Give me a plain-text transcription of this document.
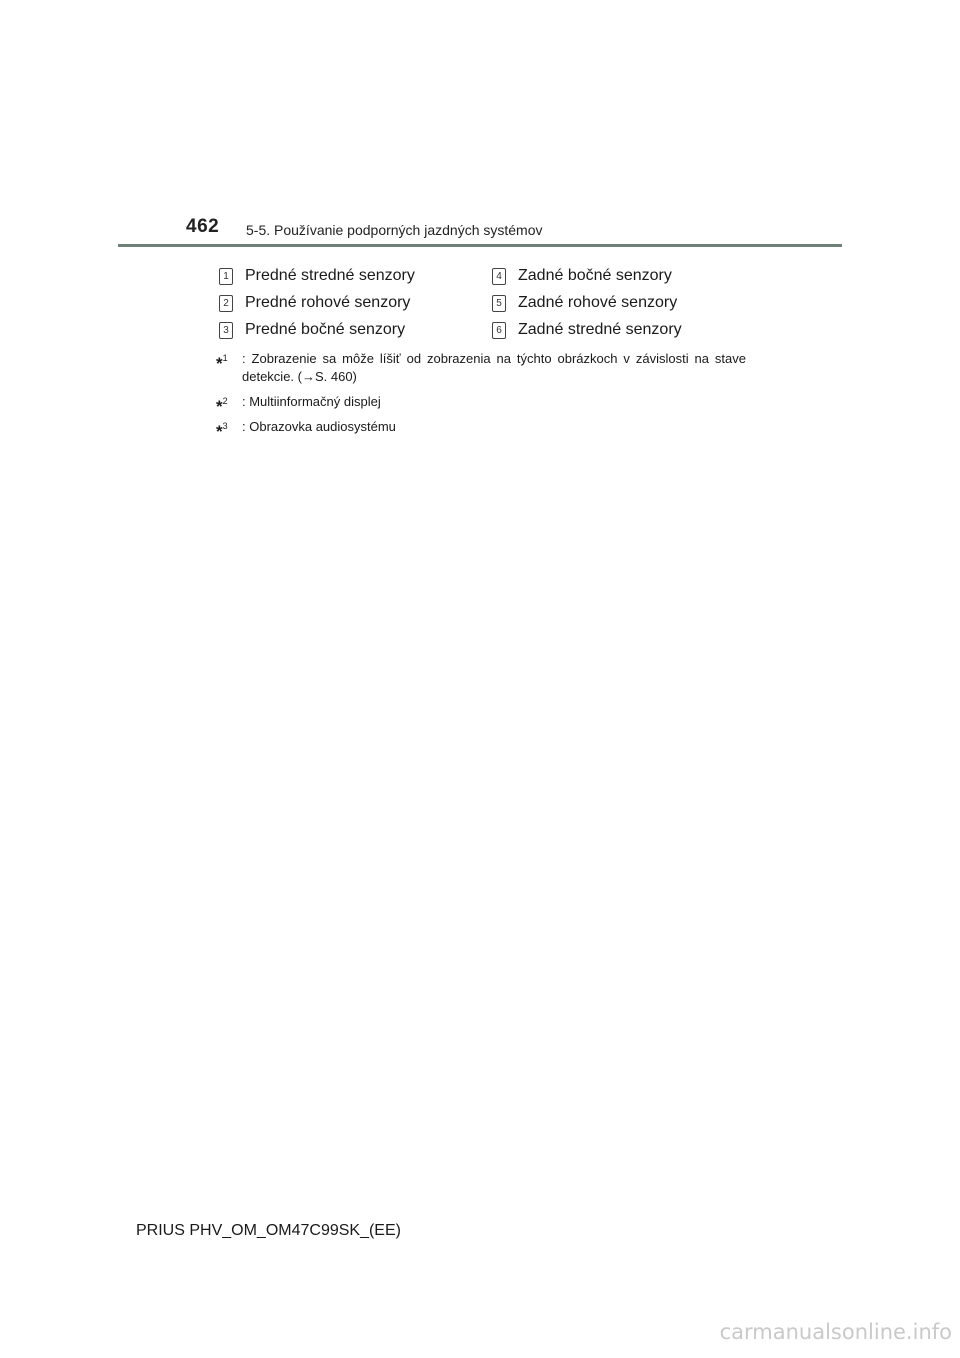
462 5-5. Používanie podporných jazdných systémov
1 Predné stredné senzory
2 Predné rohové senzory
3 Predné bočné senzory
4 Zadné bočné senzory
5 Zadné rohové senzory
6 Zadné stredné senzory
*$^1$ : Zobrazenie sa môže líšiť od zobrazenia na týchto obrázkoch v závislosti na stave detekcie. (→S. 460)
*$^2$ : Multiinformačný displej
*$^3$ : Obrazovka audiosystému
PRIUS PHV_OM_OM47C99SK_(EE)
carmanualsonline.info
